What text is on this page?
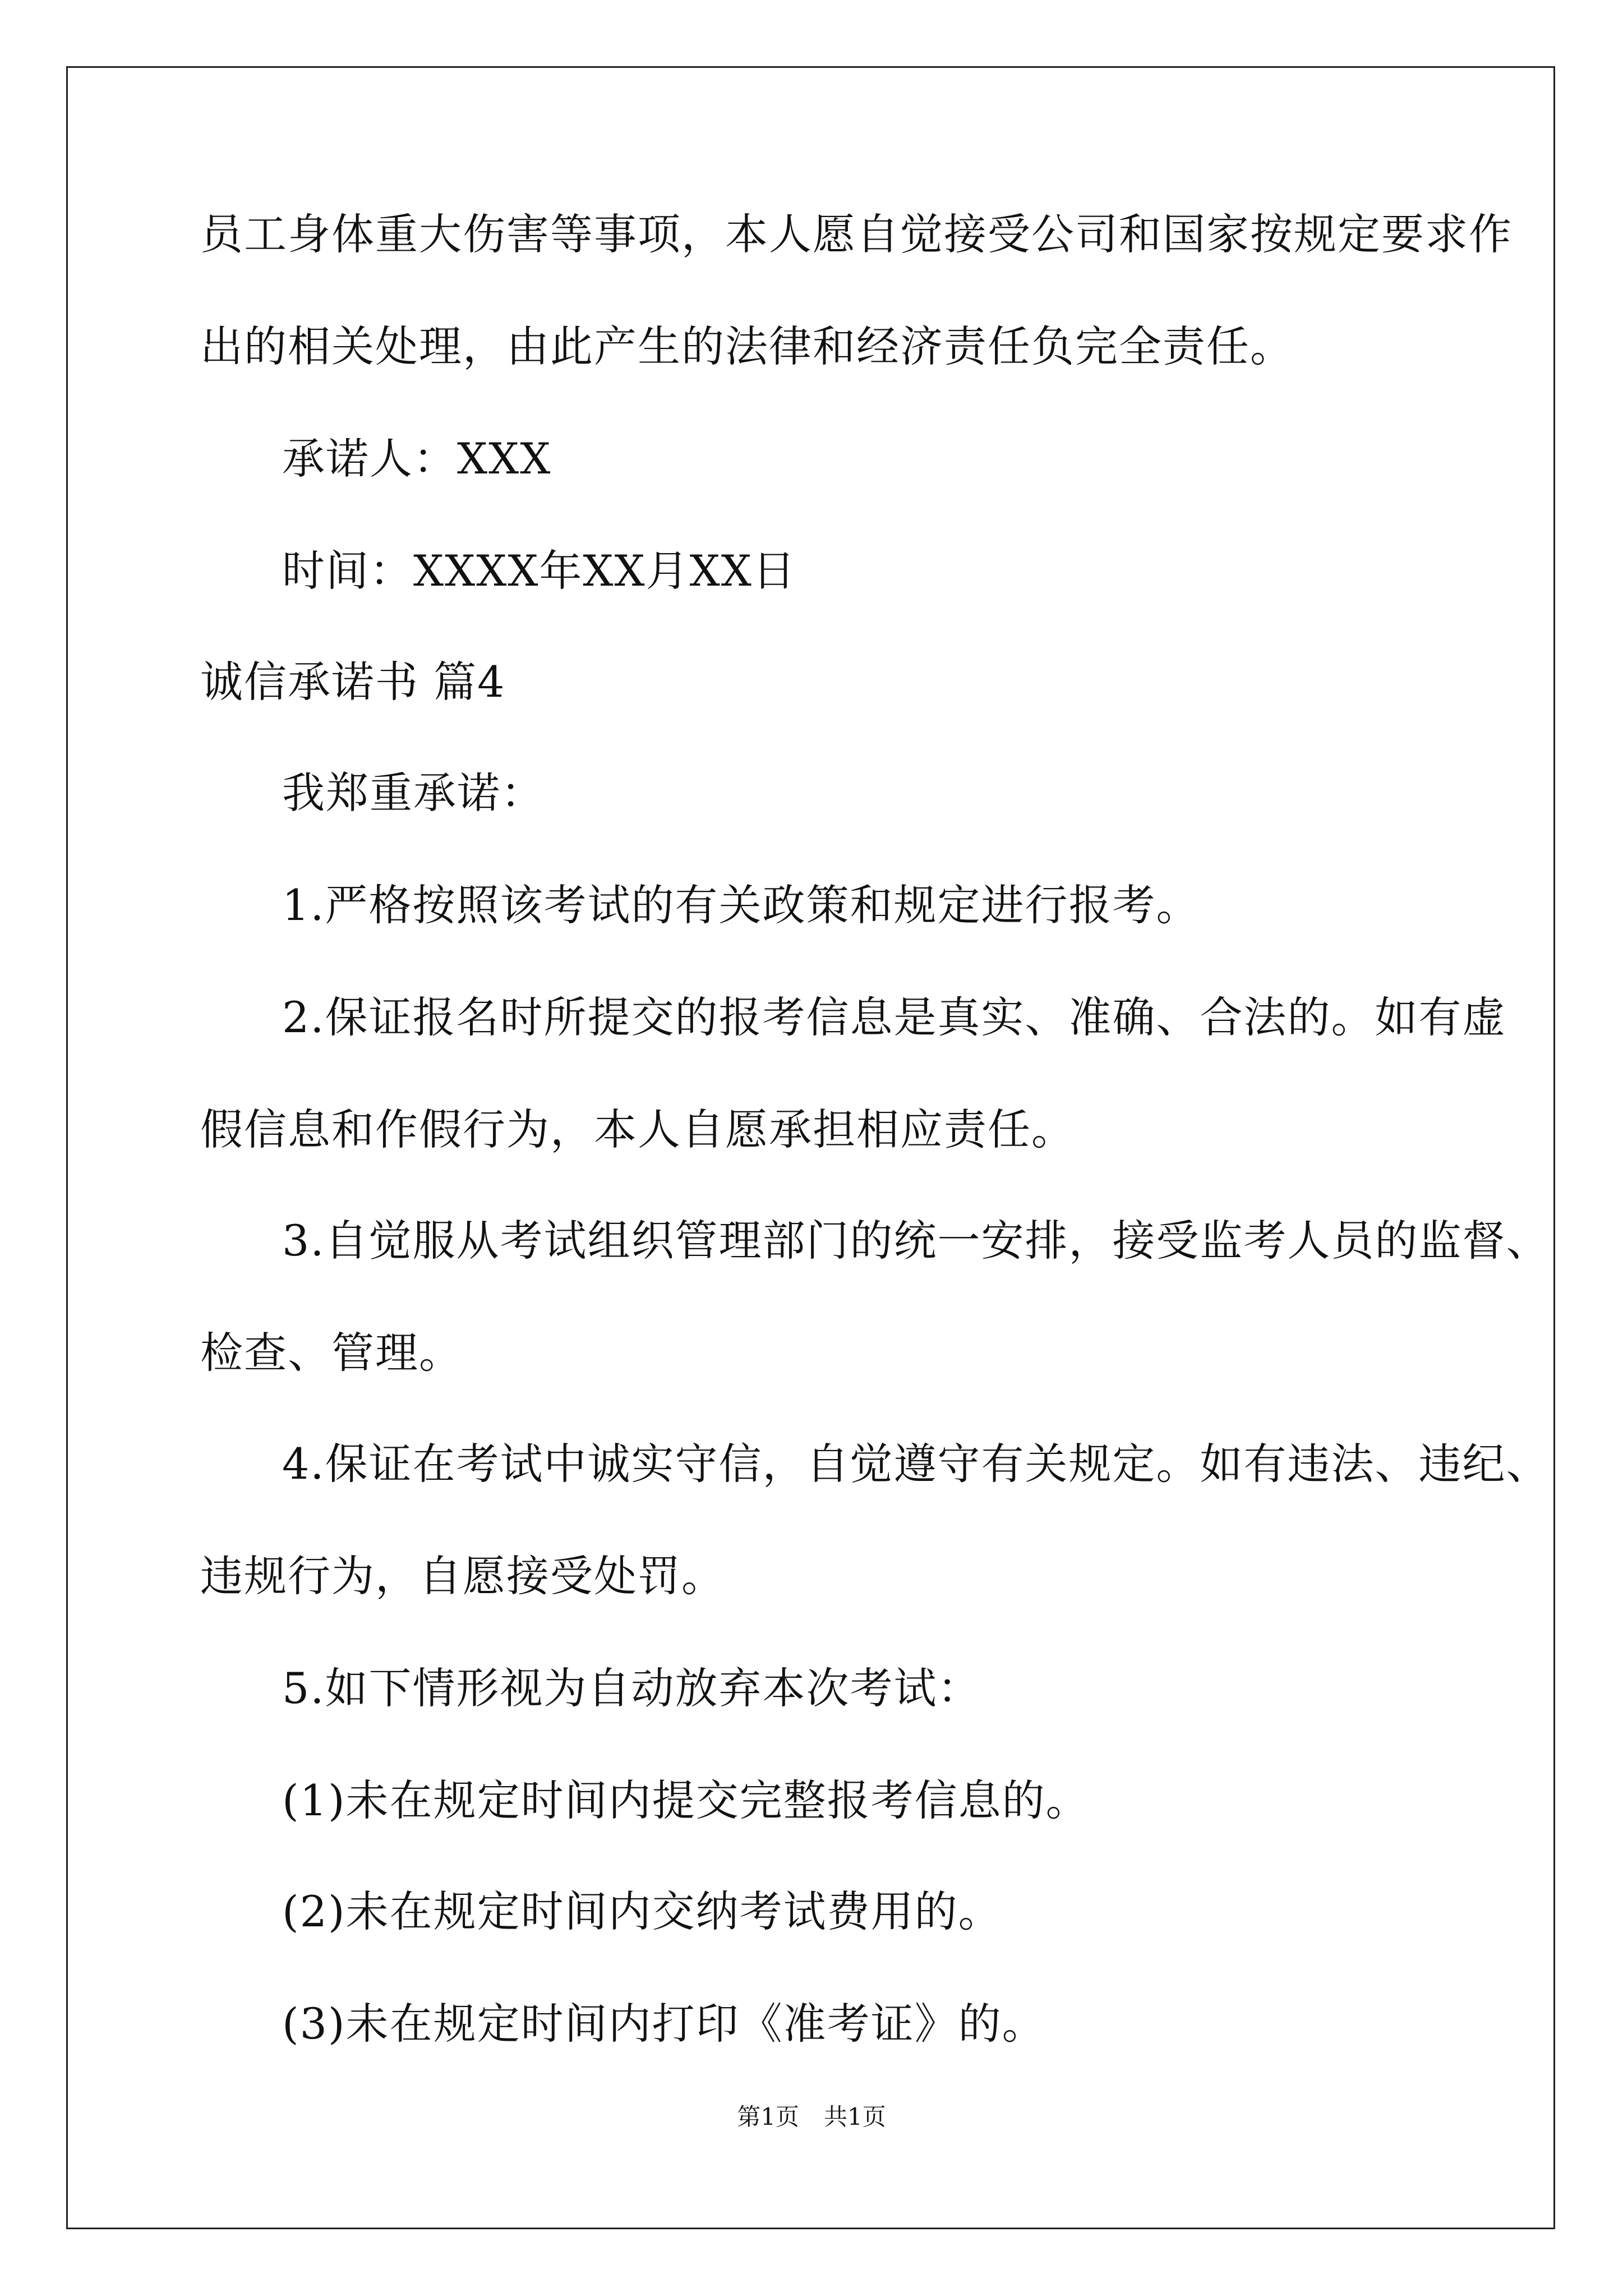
员工身体重大伤害等事项，本人愿自觉接受公司和国家按规定要求作
出的相关处理，由此产生的法律和经济责任负完全责任。
承诺人：XXX
时间：XXXX年XX月XX日
诚信承诺书 篇4
我郑重承诺：
1.严格按照该考试的有关政策和规定进行报考。
2.保证报名时所提交的报考信息是真实、准确、合法的。如有虚
假信息和作假行为，本人自愿承担相应责任。
3.自觉服从考试组织管理部门的统一安排，接受监考人员的监督、
检查、管理。
4.保证在考试中诚实守信，自觉遵守有关规定。如有违法、违纪、
违规行为，自愿接受处罚。
5.如下情形视为自动放弃本次考试：
(1)未在规定时间内提交完整报考信息的。
(2)未在规定时间内交纳考试费用的。
(3)未在规定时间内打印《准考证》的。
第1页 共1页
